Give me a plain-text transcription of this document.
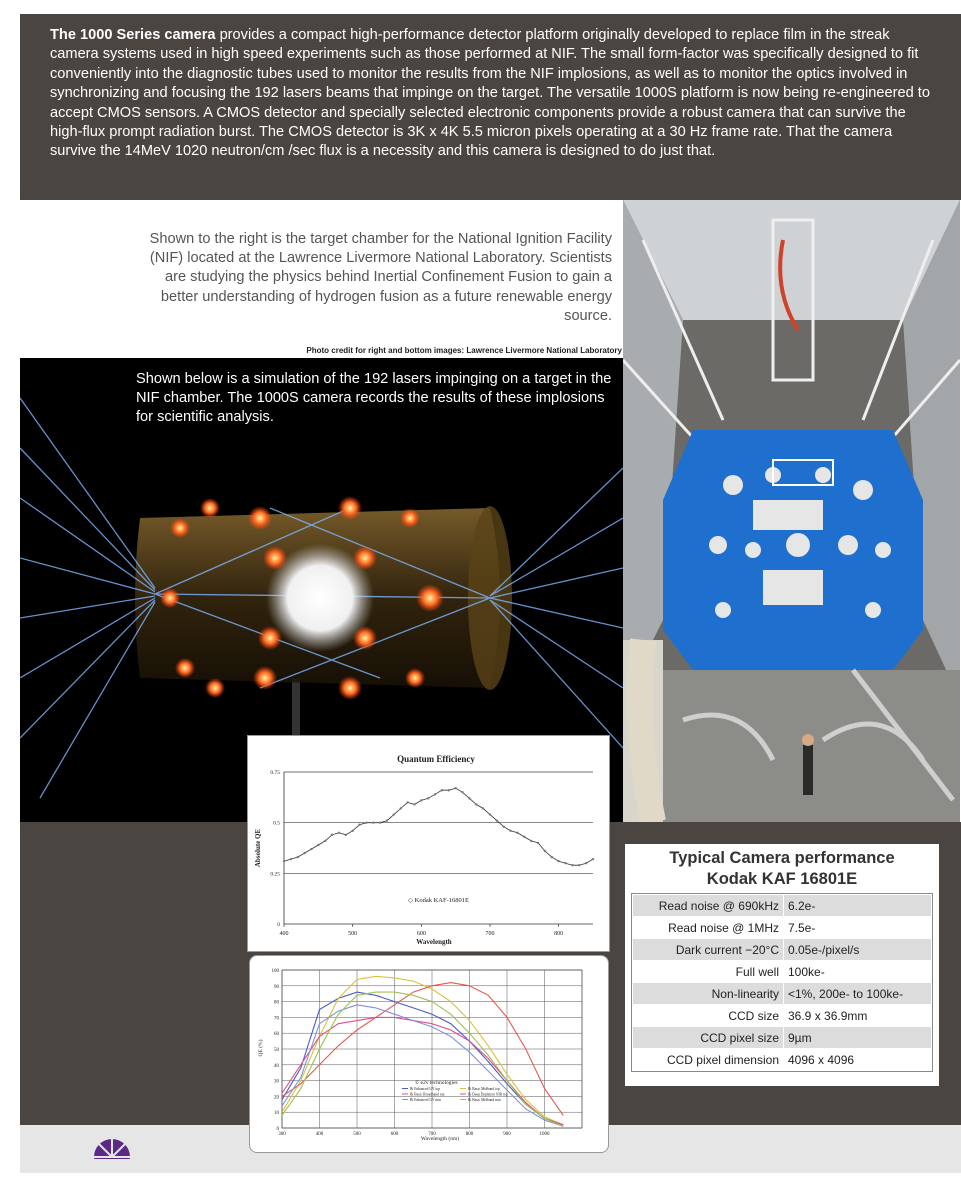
The 1000 Series camera provides a compact high-performance detector platform originally developed to replace film in the streak camera systems used in high speed experiments such as those performed at NIF. The small form-factor was specifically designed to fit conveniently into the diagnostic tubes used to monitor the results from the NIF implosions, as well as to monitor the optics involved in synchronizing and focusing the 192 lasers beams that impinge on the target. The versatile 1000S platform is now being re-engineered to accept CMOS sensors. A CMOS detector and specially selected electronic components provide a robust camera that can survive the high-flux prompt radiation burst. The CMOS detector is 3K x 4K 5.5 micron pixels operating at a 30 Hz frame rate. That the camera survive the 14MeV 1020 neutron/cm /sec flux is a necessity and this camera is designed to do just that.
Shown to the right is the target chamber for the National Ignition Facility (NIF) located at the Lawrence Livermore National Laboratory. Scientists are studying the physics behind Inertial Confinement Fusion to gain a better understanding of hydrogen fusion as a future renewable energy source.
Photo credit for right and bottom images: Lawrence Livermore National Laboratory
Shown below is a simulation of the 192 lasers impinging on a target in the NIF chamber. The 1000S camera records the results of these implosions for scientific analysis.
Quantum Efficiency
Wavelength
Absolute QE
0
0.25
0.5
0.75
400	500	600	700	800
◇ Kodak KAF-16801E
Wavelength (nm)
QE (%)
0
10
20
30
40
50
60
70
80
90
100
300	400	500	600	700	800	900	1000
© e2v technologies
Bi Enhanced UV top	Bi Basic Midband top
Bi Basic Broadband top	Bi Deep Depletion NIR top
Bi Enhanced UV min	Bi Basic Midband min
Typical Camera performance
Kodak KAF 16801E
Read noise @ 690kHz	6.2e-
Read noise @ 1MHz	7.5e-
Dark current −20°C	0.05e-/pixel/s
Full well	100ke-
Non-linearity	<1%, 200e- to 100ke-
CCD size	36.9 x 36.9mm
CCD pixel size	9µm
CCD pixel dimension	4096 x 4096
